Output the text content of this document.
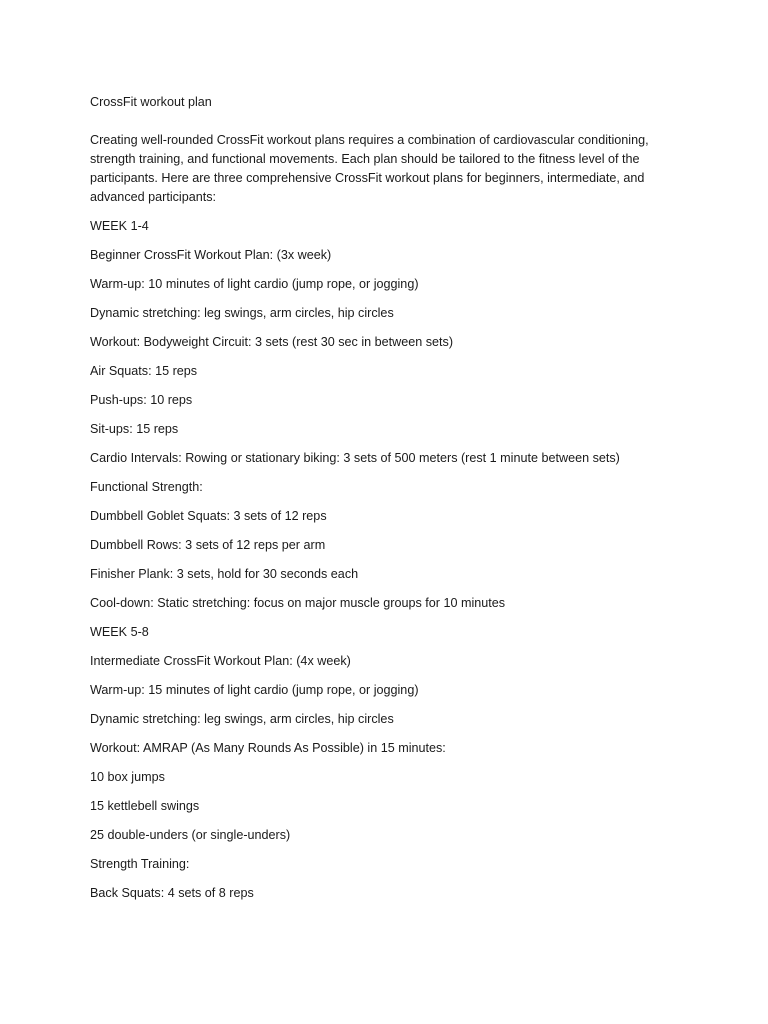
CrossFit workout plan

Creating well-rounded CrossFit workout plans requires a combination of cardiovascular conditioning, strength training, and functional movements. Each plan should be tailored to the fitness level of the participants. Here are three comprehensive CrossFit workout plans for beginners, intermediate, and advanced participants:

WEEK 1-4

Beginner CrossFit Workout Plan: (3x week)

Warm-up: 10 minutes of light cardio (jump rope, or jogging)

Dynamic stretching: leg swings, arm circles, hip circles

Workout: Bodyweight Circuit: 3 sets (rest 30 sec in between sets)

Air Squats: 15 reps

Push-ups: 10 reps

Sit-ups: 15 reps

Cardio Intervals: Rowing or stationary biking: 3 sets of 500 meters (rest 1 minute between sets)

Functional Strength:

Dumbbell Goblet Squats: 3 sets of 12 reps

Dumbbell Rows: 3 sets of 12 reps per arm

Finisher Plank: 3 sets, hold for 30 seconds each

Cool-down: Static stretching: focus on major muscle groups for 10 minutes

WEEK 5-8

Intermediate CrossFit Workout Plan: (4x week)

Warm-up: 15 minutes of light cardio (jump rope, or jogging)

Dynamic stretching: leg swings, arm circles, hip circles

Workout: AMRAP (As Many Rounds As Possible) in 15 minutes:

10 box jumps

15 kettlebell swings

25 double-unders (or single-unders)

Strength Training:

Back Squats: 4 sets of 8 reps
